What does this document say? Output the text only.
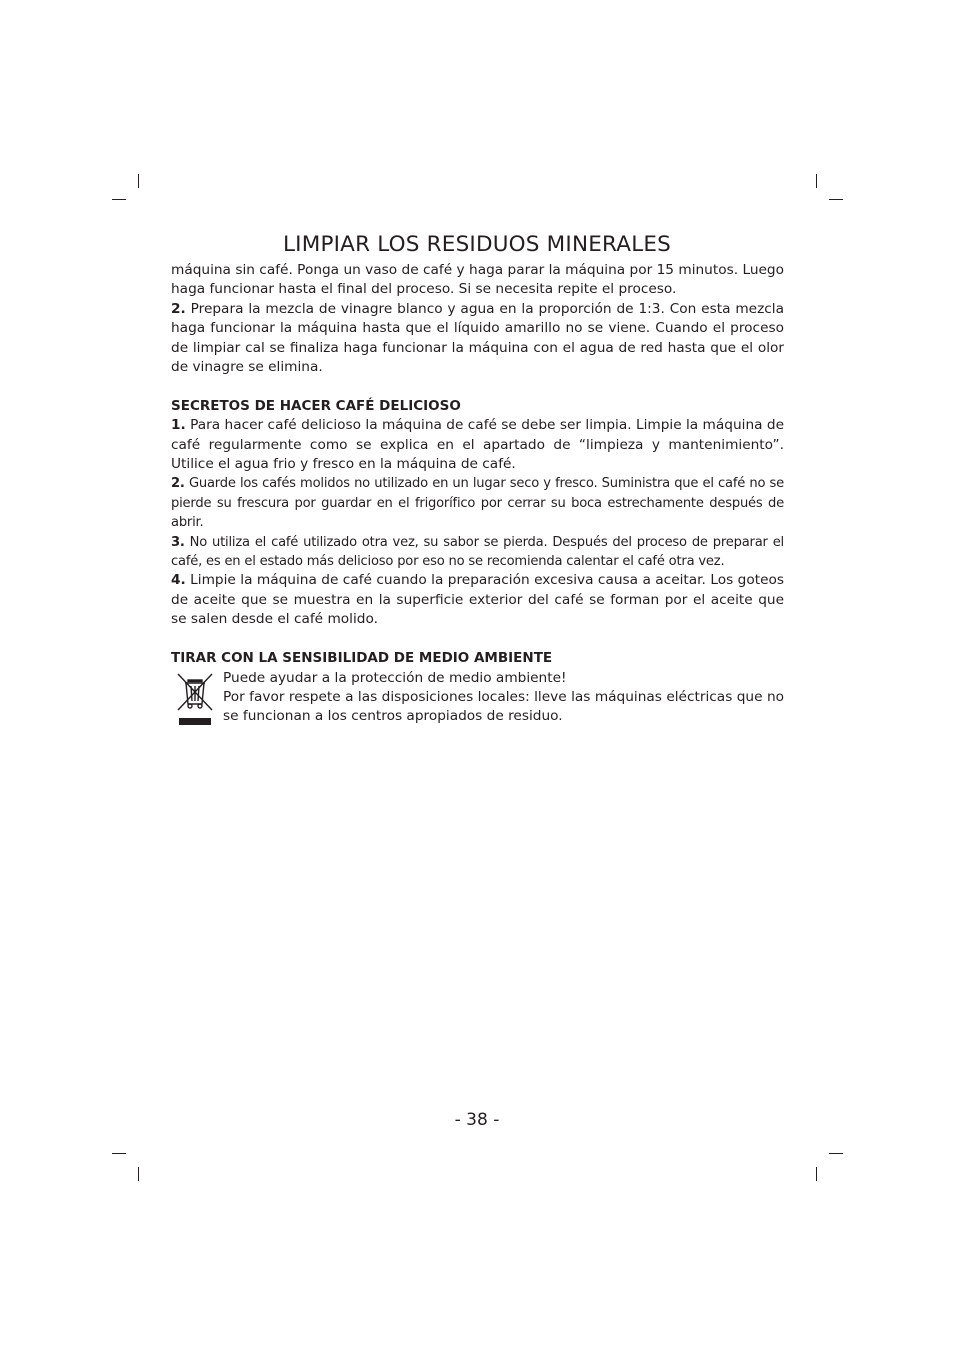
LIMPIAR LOS RESIDUOS MINERALES

máquina sin café. Ponga un vaso de café y haga parar la máquina por 15 minutos. Luego haga funcionar hasta el final del proceso. Si se necesita repite el proceso.

2. Prepara la mezcla de vinagre blanco y agua en la proporción de 1:3. Con esta mezcla haga funcionar la máquina hasta que el líquido amarillo no se viene. Cuando el proceso de limpiar cal se finaliza haga funcionar la máquina con el agua de red hasta que el olor de vinagre se elimina.

SECRETOS DE HACER CAFÉ DELICIOSO

1. Para hacer café delicioso la máquina de café se debe ser limpia. Limpie la máquina de café regularmente como se explica en el apartado de “limpieza y mantenimiento”. Utilice el agua frio y fresco en la máquina de café.

2. Guarde los cafés molidos no utilizado en un lugar seco y fresco. Suministra que el café no se pierde su frescura por guardar en el frigorífico por cerrar su boca estrechamente después de abrir.

3. No utiliza el café utilizado otra vez, su sabor se pierda. Después del proceso de preparar el café, es en el estado más delicioso por eso no se recomienda calentar el café otra vez.

4. Limpie la máquina de café cuando la preparación excesiva causa a aceitar. Los goteos de aceite que se muestra en la superficie exterior del café se forman por el aceite que se salen desde el café molido.

TIRAR CON LA SENSIBILIDAD DE MEDIO AMBIENTE

Puede ayudar a la protección de medio ambiente!

Por favor respete a las disposiciones locales: lleve las máquinas eléctricas que no se funcionan a los centros apropiados de residuo.

- 38 -
